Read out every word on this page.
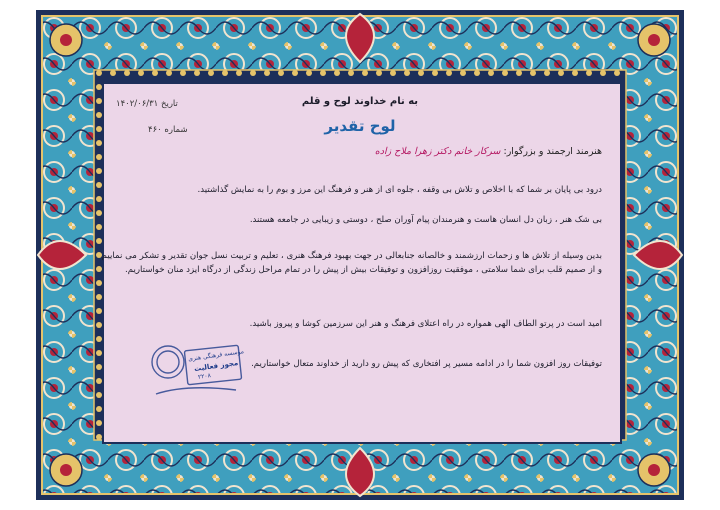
به نام خداوند لوح و قلم
۱۴۰۲/۰۶/۳۱ تاریخ
۴۶۰ شماره	لوح تقدیر
هنرمند ارجمند و بزرگوار: سرکار خانم دکتر زهرا ملاح زاده
درود بی پایان بر شما که با اخلاص و تلاش بی وقفه ، جلوه ای از هنر و فرهنگ این مرز و بوم را به نمایش گذاشتید.
بی شک هنر ، زبان دل انسان هاست و هنرمندان پیام آوران صلح ، دوستی و زیبایی در جامعه هستند.
بدین وسیله از تلاش ها و زحمات ارزشمند و خالصانه جنابعالی در جهت بهبود فرهنگ هنری ، تعلیم و تربیت نسل جوان تقدیر و تشکر می نماییم
و از صمیم قلب برای شما سلامتی ، موفقیت روزافزون و توفیقات بیش از پیش را در تمام مراحل زندگی از درگاه ایزد منان خواستاریم.
امید است در پرتو الطاف الهی همواره در راه اعتلای فرهنگ و هنر این سرزمین کوشا و پیروز باشید.
توفیقات روز افزون شما را در ادامه مسیر پر افتخاری که پیش رو دارید از خداوند متعال خواستاریم.
موسسه فرهنگی هنری
مجوز فعالیت
۲۲۰۸
